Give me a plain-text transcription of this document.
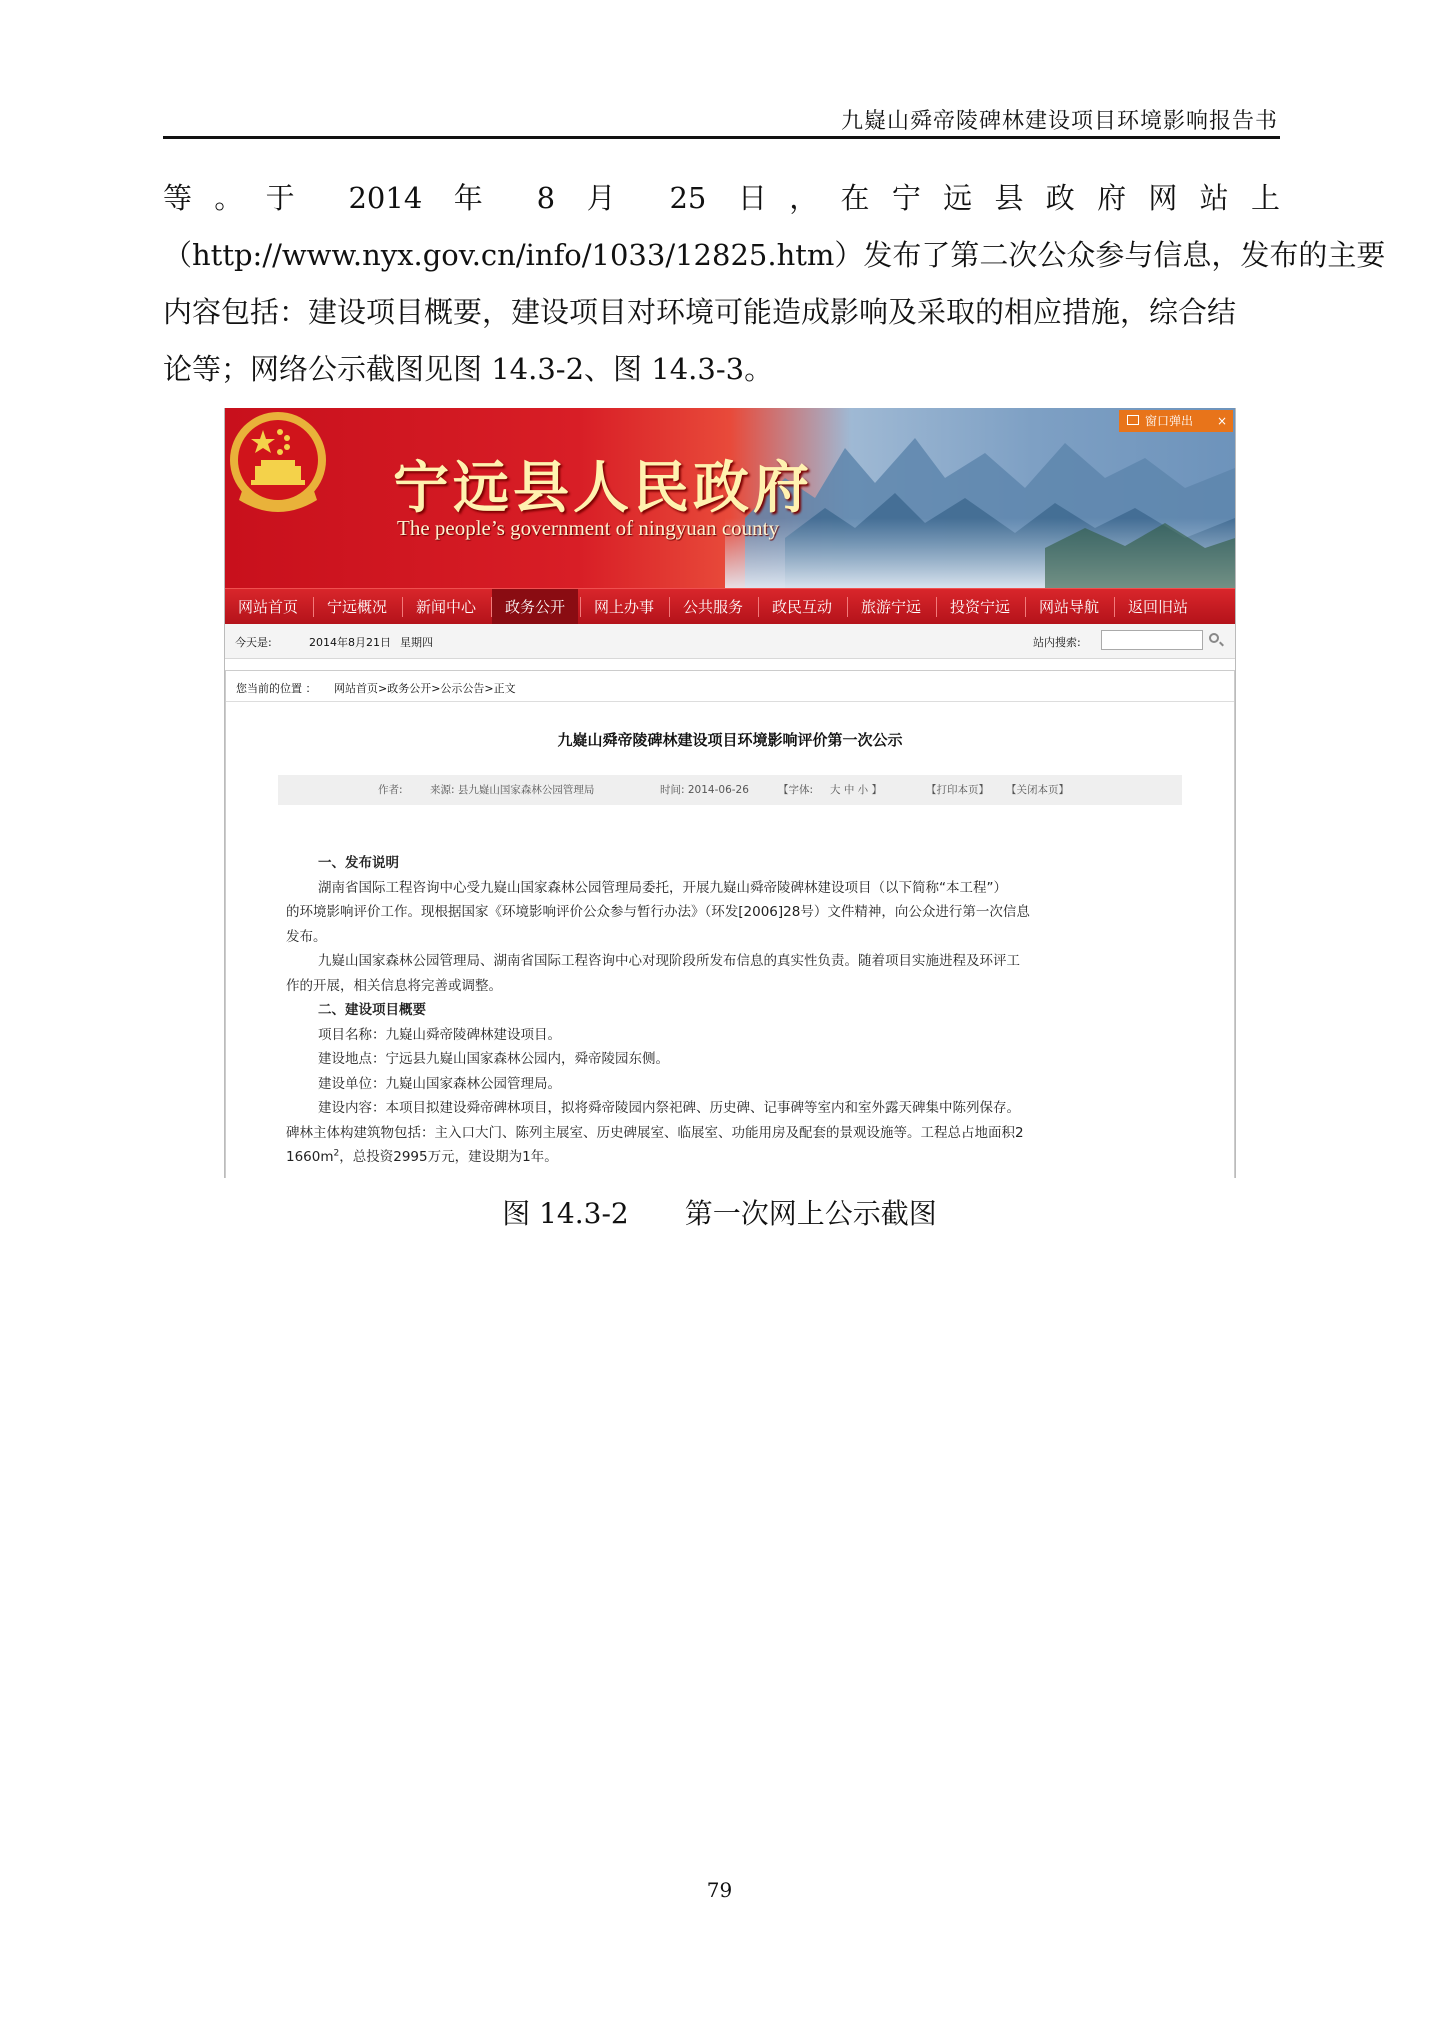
九嶷山舜帝陵碑林建设项目环境影响报告书
等。于 2014 年 8 月 25 日，在宁远县政府网站上
（http://www.nyx.gov.cn/info/1033/12825.htm）发布了第二次公众参与信息，发布的主要
内容包括：建设项目概要，建设项目对环境可能造成影响及采取的相应措施，综合结
论等；网络公示截图见图 14.3-2、图 14.3-3。
宁远县人民政府
The people’s government of ningyuan county
窗口弹出 ×
网站首页	宁远概况	新闻中心	政务公开	网上办事	公共服务	政民互动	旅游宁远	投资宁远	网站导航	返回旧站
今天是:	2014年8月21日 星期四	站内搜索:
您当前的位置 ： 网站首页>政务公开>公示公告>正文
九嶷山舜帝陵碑林建设项目环境影响评价第一次公示
作者:	来源: 县九嶷山国家森林公园管理局	时间: 2014-06-26	【字体: 大 中 小 】	【打印本页】 【关闭本页】
一、发布说明
湖南省国际工程咨询中心受九嶷山国家森林公园管理局委托，开展九嶷山舜帝陵碑林建设项目（以下简称“本工程”）
的环境影响评价工作。现根据国家《环境影响评价公众参与暂行办法》（环发[2006]28号）文件精神，向公众进行第一次信息
发布。
九嶷山国家森林公园管理局、湖南省国际工程咨询中心对现阶段所发布信息的真实性负责。随着项目实施进程及环评工
作的开展，相关信息将完善或调整。
二、建设项目概要
项目名称：九嶷山舜帝陵碑林建设项目。
建设地点：宁远县九嶷山国家森林公园内，舜帝陵园东侧。
建设单位：九嶷山国家森林公园管理局。
建设内容：本项目拟建设舜帝碑林项目，拟将舜帝陵园内祭祀碑、历史碑、记事碑等室内和室外露天碑集中陈列保存。
碑林主体构建筑物包括：主入口大门、陈列主展室、历史碑展室、临展室、功能用房及配套的景观设施等。工程总占地面积2
$1660m^2$，总投资2995万元，建设期为1年。
图 14.3-2 第一次网上公示截图
79
